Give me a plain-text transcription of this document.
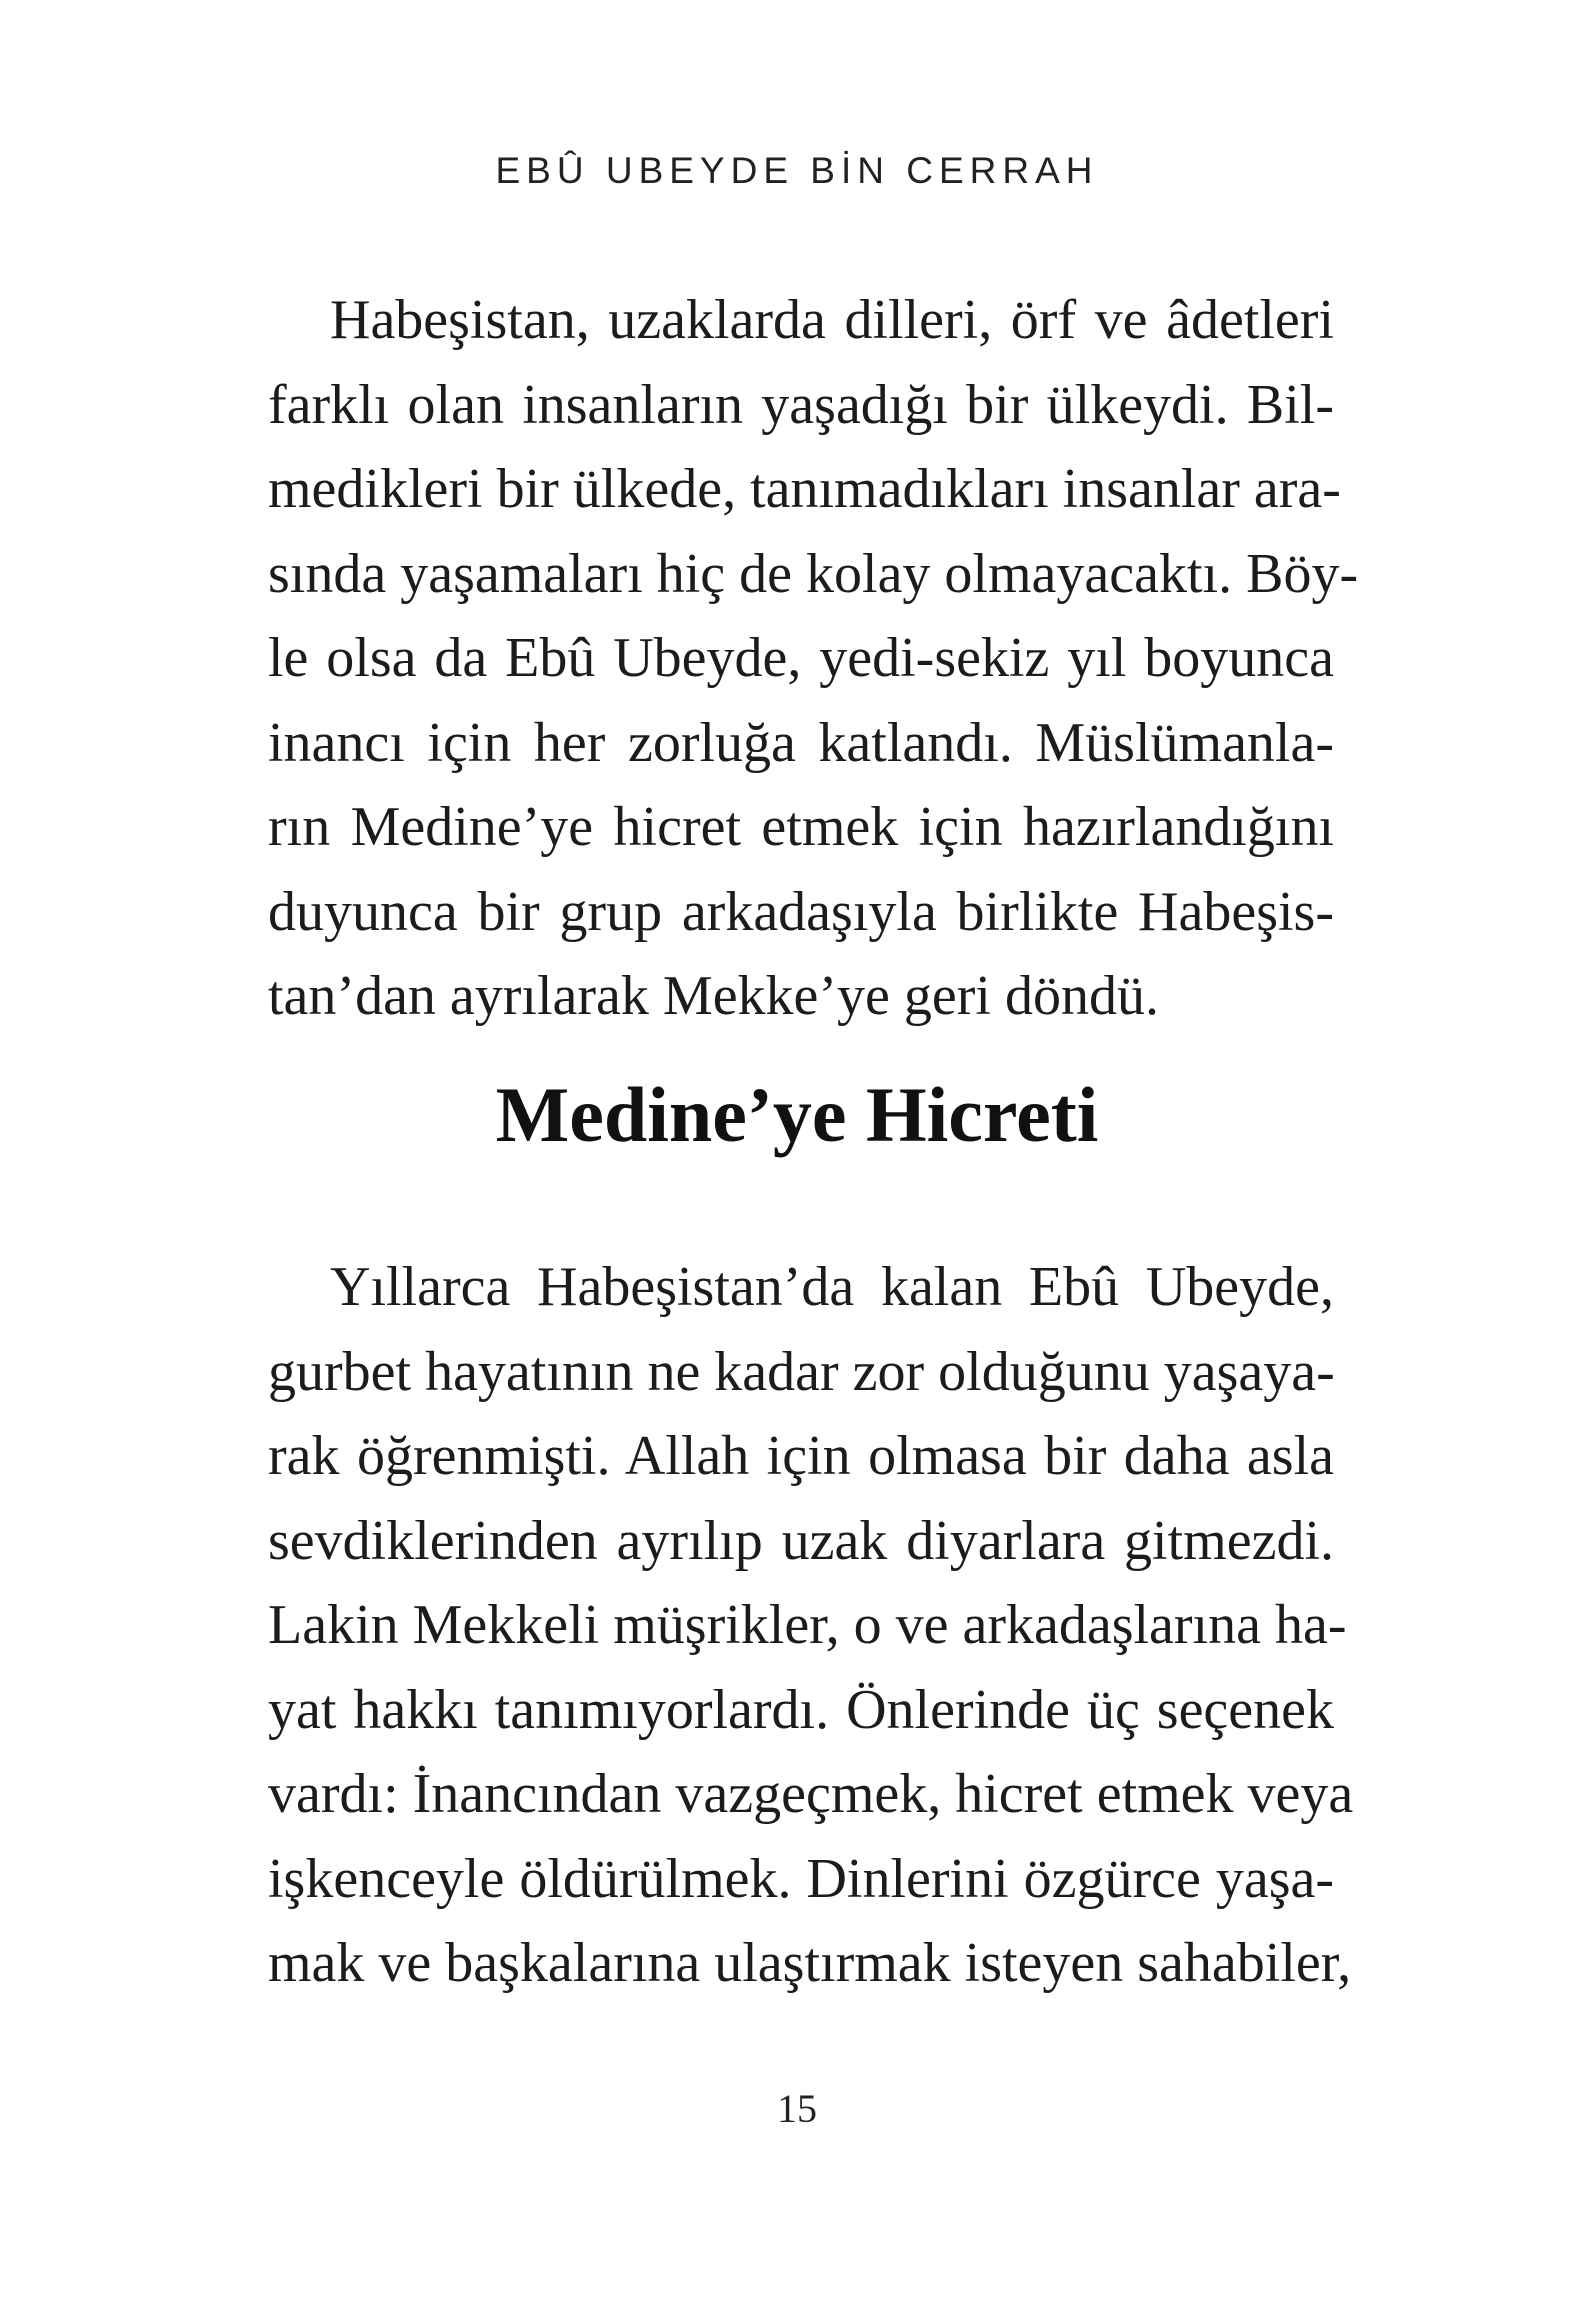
EBÛ UBEYDE BİN CERRAH
Habeşistan, uzaklarda dilleri, örf ve âdetleri
farklı olan insanların yaşadığı bir ülkeydi. Bil-
medikleri bir ülkede, tanımadıkları insanlar ara-
sında yaşamaları hiç de kolay olmayacaktı. Böy-
le olsa da Ebû Ubeyde, yedi-sekiz yıl boyunca
inancı için her zorluğa katlandı. Müslümanla-
rın Medine’ye hicret etmek için hazırlandığını
duyunca bir grup arkadaşıyla birlikte Habeşis-
tan’dan ayrılarak Mekke’ye geri döndü.
Medine’ye Hicreti
Yıllarca Habeşistan’da kalan Ebû Ubeyde,
gurbet hayatının ne kadar zor olduğunu yaşaya-
rak öğrenmişti. Allah için olmasa bir daha asla
sevdiklerinden ayrılıp uzak diyarlara gitmezdi.
Lakin Mekkeli müşrikler, o ve arkadaşlarına ha-
yat hakkı tanımıyorlardı. Önlerinde üç seçenek
vardı: İnancından vazgeçmek, hicret etmek veya
işkenceyle öldürülmek. Dinlerini özgürce yaşa-
mak ve başkalarına ulaştırmak isteyen sahabiler,
15
